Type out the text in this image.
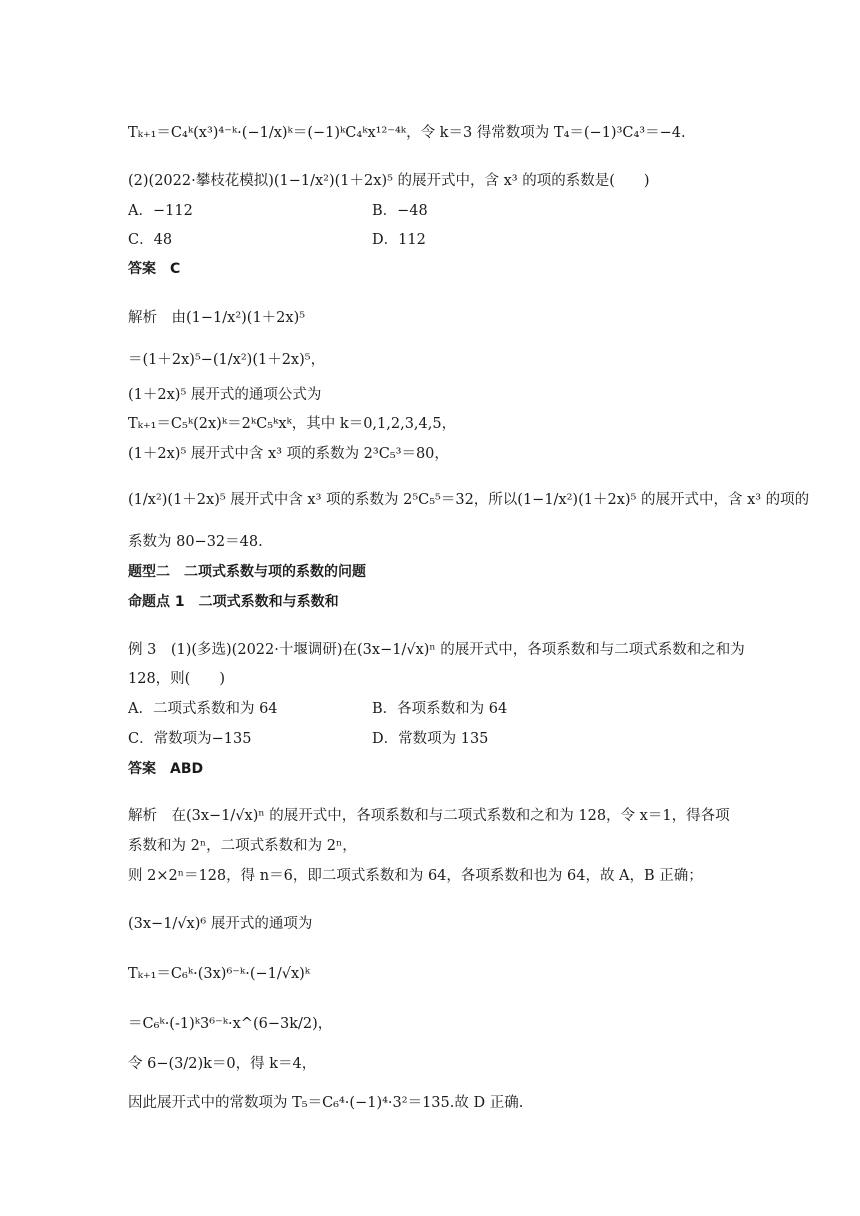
Tₖ₊₁＝C₄ᵏ(x³)⁴⁻ᵏ·(−1/x)ᵏ＝(−1)ᵏC₄ᵏx¹²⁻⁴ᵏ，令 k＝3 得常数项为 T₄＝(−1)³C₄³＝−4.
(2)(2022·攀枝花模拟)(1−1/x²)(1＋2x)⁵ 的展开式中，含 x³ 的项的系数是(　　)
A．−112	B．−48
C．48	D．112
答案　C
解析　由(1−1/x²)(1＋2x)⁵
＝(1＋2x)⁵−(1/x²)(1＋2x)⁵，
(1＋2x)⁵ 展开式的通项公式为
Tₖ₊₁＝C₅ᵏ(2x)ᵏ＝2ᵏC₅ᵏxᵏ，其中 k＝0,1,2,3,4,5，
(1＋2x)⁵ 展开式中含 x³ 项的系数为 2³C₅³＝80，
(1/x²)(1＋2x)⁵ 展开式中含 x³ 项的系数为 2⁵C₅⁵＝32，所以(1−1/x²)(1＋2x)⁵ 的展开式中，含 x³ 的项的
系数为 80−32＝48.
题型二　二项式系数与项的系数的问题
命题点 1　二项式系数和与系数和
例 3　(1)(多选)(2022·十堰调研)在(3x−1/√x)ⁿ 的展开式中，各项系数和与二项式系数和之和为
128，则(　　)
A．二项式系数和为 64	B．各项系数和为 64
C．常数项为−135	D．常数项为 135
答案　ABD
解析　在(3x−1/√x)ⁿ 的展开式中，各项系数和与二项式系数和之和为 128，令 x＝1，得各项
系数和为 2ⁿ，二项式系数和为 2ⁿ，
则 2×2ⁿ＝128，得 n＝6，即二项式系数和为 64，各项系数和也为 64，故 A，B 正确；
(3x−1/√x)⁶ 展开式的通项为
Tₖ₊₁＝C₆ᵏ·(3x)⁶⁻ᵏ·(−1/√x)ᵏ
＝C₆ᵏ·(-1)ᵏ3⁶⁻ᵏ·x^(6−3k/2)，
令 6−(3/2)k＝0，得 k＝4，
因此展开式中的常数项为 T₅＝C₆⁴·(−1)⁴·3²＝135.故 D 正确.
